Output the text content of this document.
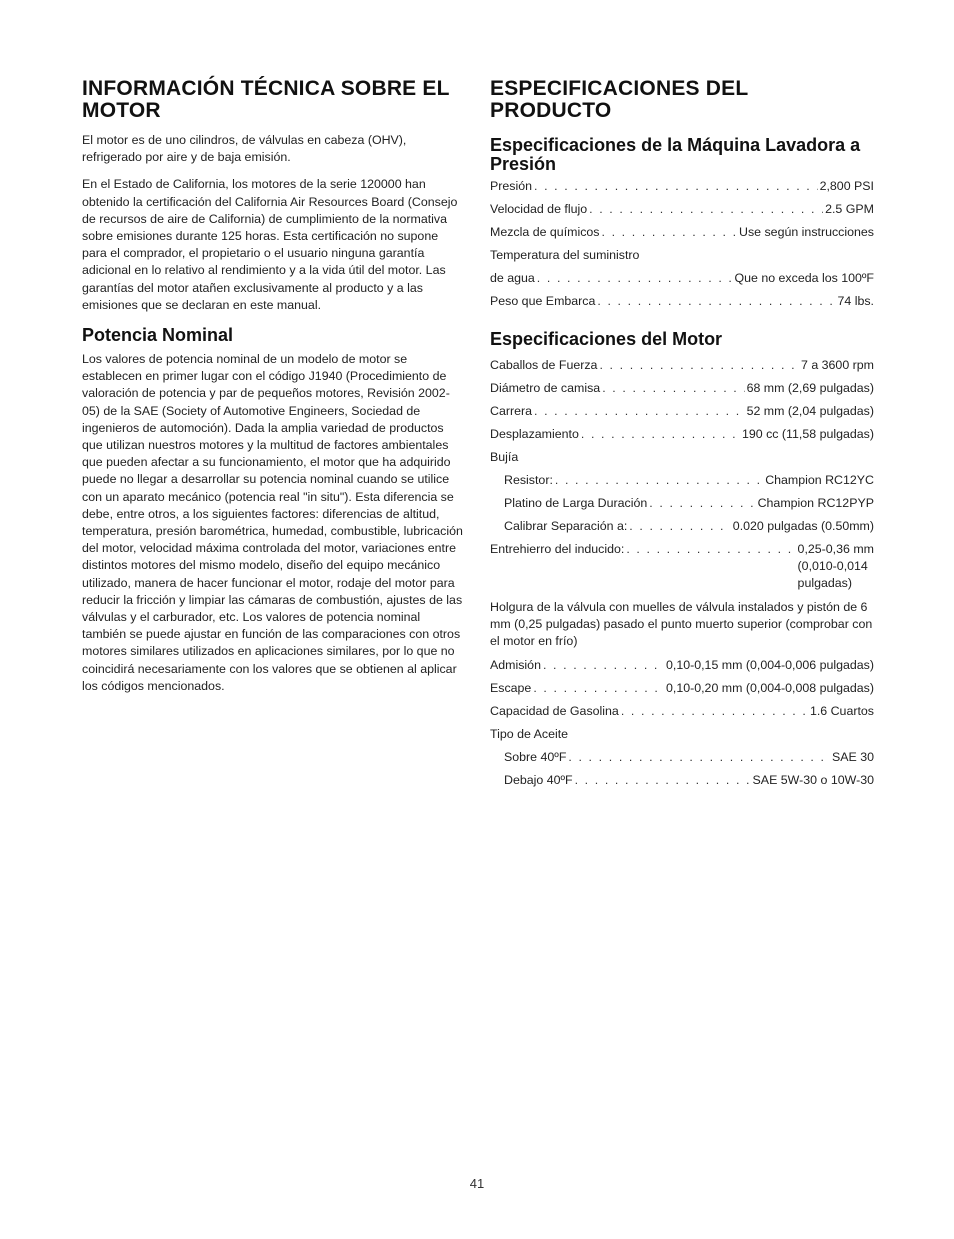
INFORMACIÓN TÉCNICA SOBRE EL MOTOR

El motor es de uno cilindros, de válvulas en cabeza (OHV), refrigerado por aire y de baja emisión.

En el Estado de California, los motores de la serie 120000 han obtenido la certificación del California Air Resources Board (Consejo de recursos de aire de California) de cumplimiento de la normativa sobre emisiones durante 125 horas. Esta certificación no supone para el comprador, el propietario o el usuario ninguna garantía adicional en lo relativo al rendimiento y a la vida útil del motor. Las garantías del motor atañen exclusivamente al producto y a las emisiones que se declaran en este manual.

Potencia Nominal

Los valores de potencia nominal de un modelo de motor se establecen en primer lugar con el código J1940 (Procedimiento de valoración de potencia y par de pequeños motores, Revisión 2002-05) de la SAE (Society of Automotive Engineers, Sociedad de ingenieros de automoción). Dada la amplia variedad de productos que utilizan nuestros motores y la multitud de factores ambientales que pueden afectar a su funcionamiento, el motor que ha adquirido puede no llegar a desarrollar su potencia nominal cuando se utilice con un aparato mecánico (potencia real "in situ"). Esta diferencia se debe, entre otros, a los siguientes factores: diferencias de altitud, temperatura, presión barométrica, humedad, combustible, lubricación del motor, velocidad máxima controlada del motor, variaciones entre distintos motores del mismo modelo, diseño del equipo mecánico utilizado, manera de hacer funcionar el motor, rodaje del motor para reducir la fricción y limpiar las cámaras de combustión, ajustes de las válvulas y el carburador, etc. Los valores de potencia nominal también se puede ajustar en función de las comparaciones con otros motores similares utilizados en aplicaciones similares, por lo que no coincidirá necesariamente con los valores que se obtienen al aplicar los códigos mencionados.

ESPECIFICACIONES DEL PRODUCTO
Especificaciones de la Máquina Lavadora a Presión
Presión . . .	2,800 PSI
Velocidad de flujo . . .	2.5 GPM
Mezcla de químicos . . .	Use según instrucciones
Temperatura del suministro
de agua . . .	Que no exceda los 100ºF
Peso que Embarca . . .	74 lbs.
Especificaciones del Motor
Caballos de Fuerza . . .	7 a 3600 rpm
Diámetro de camisa . . .	68 mm (2,69 pulgadas)
Carrera . . .	52 mm (2,04 pulgadas)
Desplazamiento . . .	190 cc (11,58 pulgadas)
Bujía
Resistor: . . .	Champion RC12YC
Platino de Larga Duración . . .	Champion RC12PYP
Calibrar Separación a: . . .	0.020 pulgadas (0.50mm)
Entrehierro del inducido: . . .	0,25-0,36 mm
(0,010-0,014
pulgadas)

Holgura de la válvula con muelles de válvula instalados y pistón de 6 mm (0,25 pulgadas) pasado el punto muerto superior (comprobar con el motor en frío)

Admisión . . .	0,10-0,15 mm (0,004-0,006 pulgadas)
Escape . . .	0,10-0,20 mm (0,004-0,008 pulgadas)
Capacidad de Gasolina . . .	1.6 Cuartos
Tipo de Aceite
Sobre 40ºF . . .	SAE 30
Debajo 40ºF . . .	SAE 5W-30 o 10W-30
41
